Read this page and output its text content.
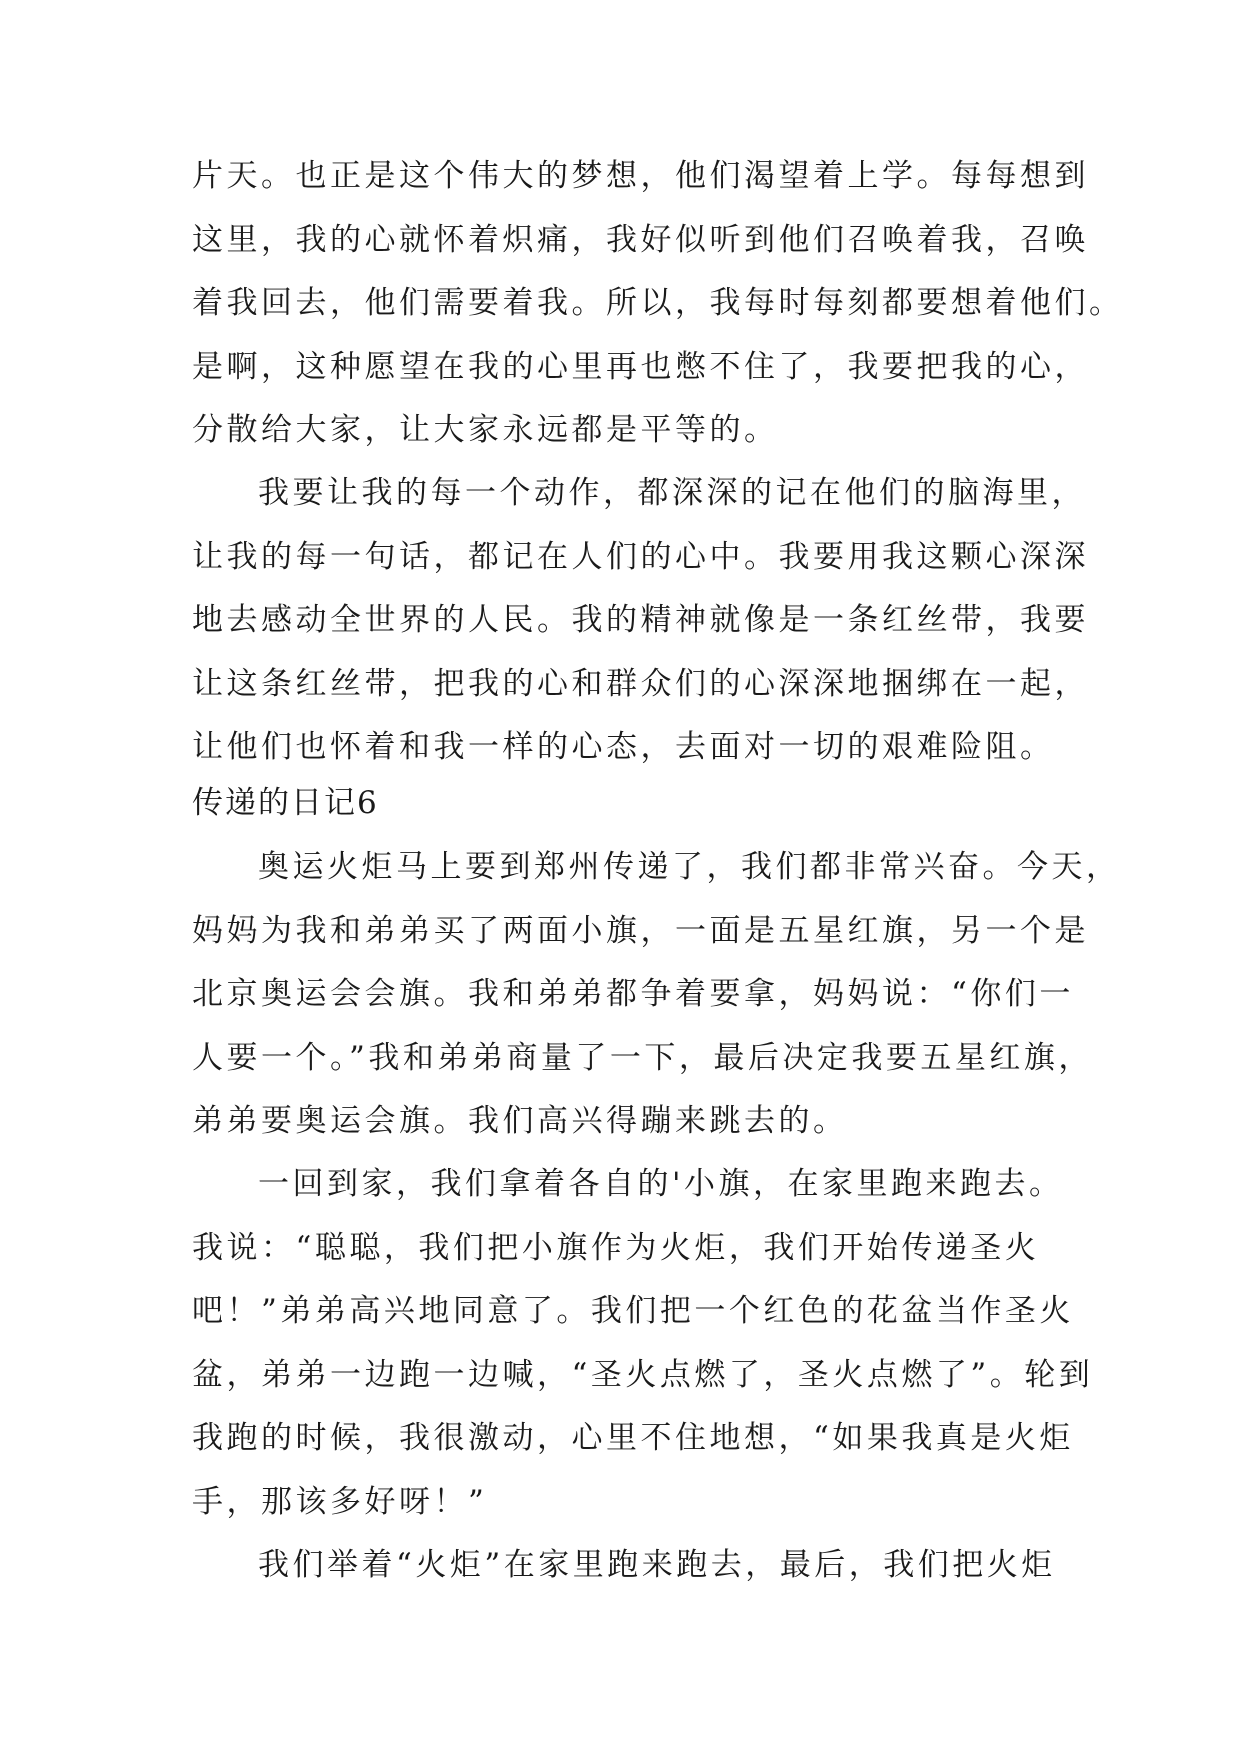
片天。也正是这个伟大的梦想，他们渴望着上学。每每想到
这里，我的心就怀着炽痛，我好似听到他们召唤着我，召唤
着我回去，他们需要着我。所以，我每时每刻都要想着他们。
是啊，这种愿望在我的心里再也憋不住了，我要把我的心，
分散给大家，让大家永远都是平等的。
我要让我的每一个动作，都深深的记在他们的脑海里，
让我的每一句话，都记在人们的心中。我要用我这颗心深深
地去感动全世界的人民。我的精神就像是一条红丝带，我要
让这条红丝带，把我的心和群众们的心深深地捆绑在一起，
让他们也怀着和我一样的心态，去面对一切的艰难险阻。
传递的日记6
奥运火炬马上要到郑州传递了，我们都非常兴奋。今天，
妈妈为我和弟弟买了两面小旗，一面是五星红旗，另一个是
北京奥运会会旗。我和弟弟都争着要拿，妈妈说：“你们一
人要一个。”我和弟弟商量了一下，最后决定我要五星红旗，
弟弟要奥运会旗。我们高兴得蹦来跳去的。
一回到家，我们拿着各自的'小旗，在家里跑来跑去。
我说：“聪聪，我们把小旗作为火炬，我们开始传递圣火
吧！”弟弟高兴地同意了。我们把一个红色的花盆当作圣火
盆，弟弟一边跑一边喊，“圣火点燃了，圣火点燃了”。轮到
我跑的时候，我很激动，心里不住地想，“如果我真是火炬
手，那该多好呀！”
我们举着“火炬”在家里跑来跑去，最后，我们把火炬
